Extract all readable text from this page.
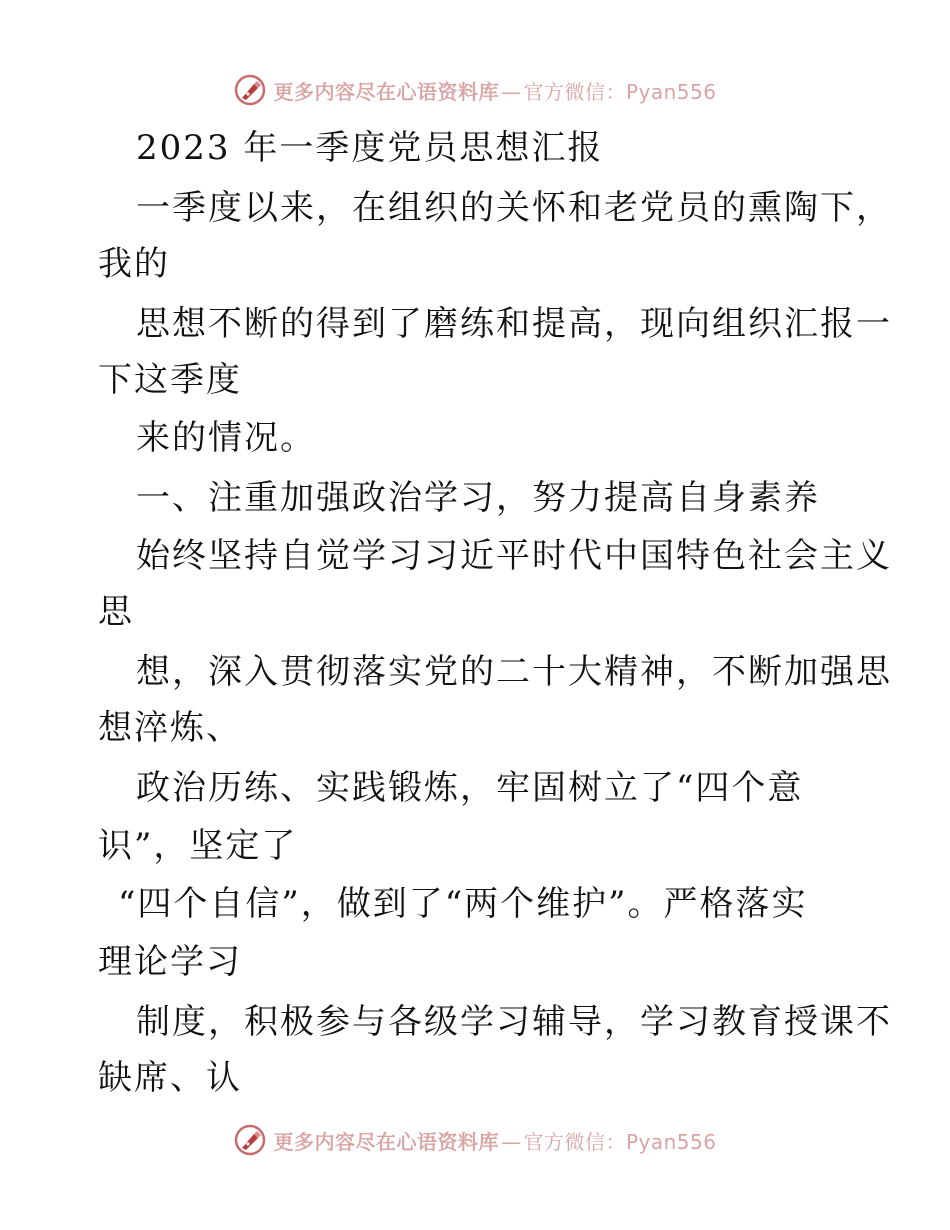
更多内容尽在心语资料库 — 官方微信：Pyan556
2023 年一季度党员思想汇报
一季度以来，在组织的关怀和老党员的熏陶下，
我的
思想不断的得到了磨练和提高，现向组织汇报一
下这季度
来的情况。
一、注重加强政治学习，努力提高自身素养
始终坚持自觉学习习近平时代中国特色社会主义
思
想，深入贯彻落实党的二十大精神，不断加强思
想淬炼、
政治历练、实践锻炼，牢固树立了“四个意
识”，坚定了
“四个自信”，做到了“两个维护”。严格落实
理论学习
制度，积极参与各级学习辅导，学习教育授课不
缺席、认
更多内容尽在心语资料库 — 官方微信：Pyan556
